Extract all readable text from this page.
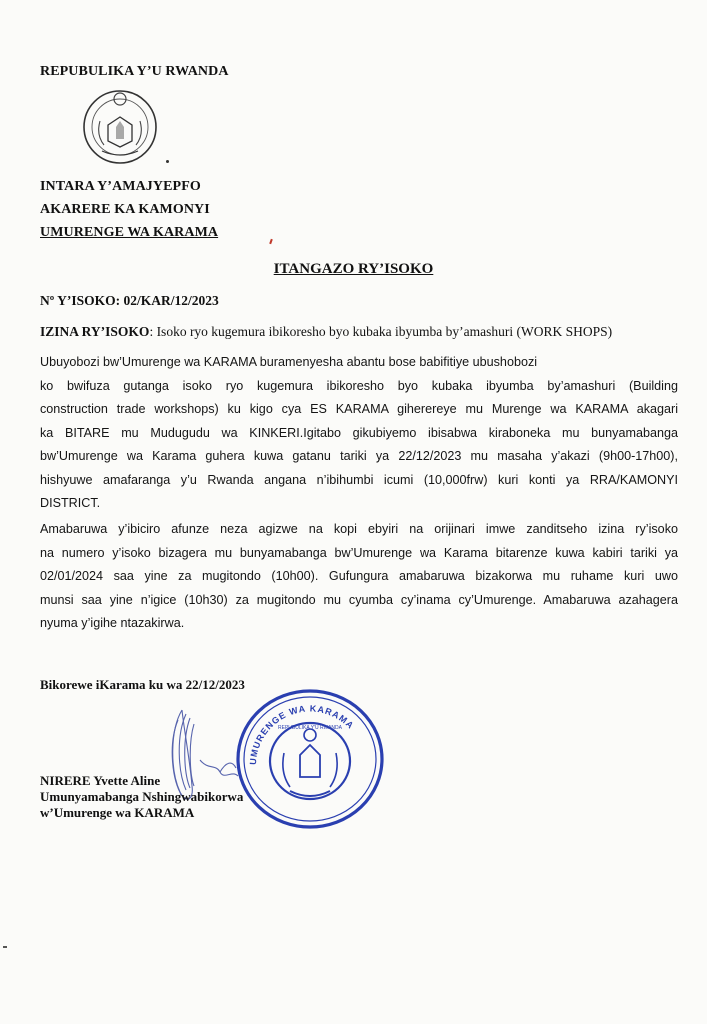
REPUBULIKA Y’U RWANDA
INTARA Y’AMAJYEPFO
AKARERE KA KAMONYI
UMURENGE WA KARAMA
ITANGAZO RY’ISOKO
Nº Y’ISOKO: 02/KAR/12/2023
IZINA RY’ISOKO: Isoko ryo kugemura ibikoresho byo kubaka ibyumba by’amashuri (WORK SHOPS)
Ubuyobozi bw’Umurenge wa KARAMA buramenyesha abantu bose babifitiye ubushobozi
ko bwifuza gutanga isoko ryo kugemura ibikoresho byo kubaka ibyumba by’amashuri (Building
construction trade workshops) ku kigo cya ES KARAMA giherereye mu Murenge wa KARAMA akagari
ka BITARE mu Mudugudu wa KINKERI.Igitabo gikubiyemo ibisabwa kiraboneka mu bunyamabanga
bw’Umurenge wa Karama guhera kuwa gatanu tariki ya 22/12/2023 mu masaha y’akazi (9h00-17h00),
hishyuwe amafaranga y’u Rwanda angana n’ibihumbi icumi (10,000frw) kuri konti ya RRA/KAMONYI
DISTRICT.
Amabaruwa y’ibiciro afunze neza agizwe na kopi ebyiri na orijinari imwe zanditseho izina ry’isoko
na numero y’isoko bizagera mu bunyamabanga bw’Umurenge wa Karama bitarenze kuwa kabiri tariki ya
02/01/2024 saa yine za mugitondo (10h00). Gufungura amabaruwa bizakorwa mu ruhame kuri uwo
munsi saa yine n’igice (10h30) za mugitondo mu cyumba cy’inama cy’Umurenge. Amabaruwa azahagera
nyuma y’igihe ntazakirwa.
Bikorewe iKarama ku wa 22/12/2023
UMURENGE WA KARAMA
REPUBULIKA Y'U RWANDA
NIRERE Yvette Aline
Umunyamabanga Nshingwabikorwa
w’Umurenge wa KARAMA
